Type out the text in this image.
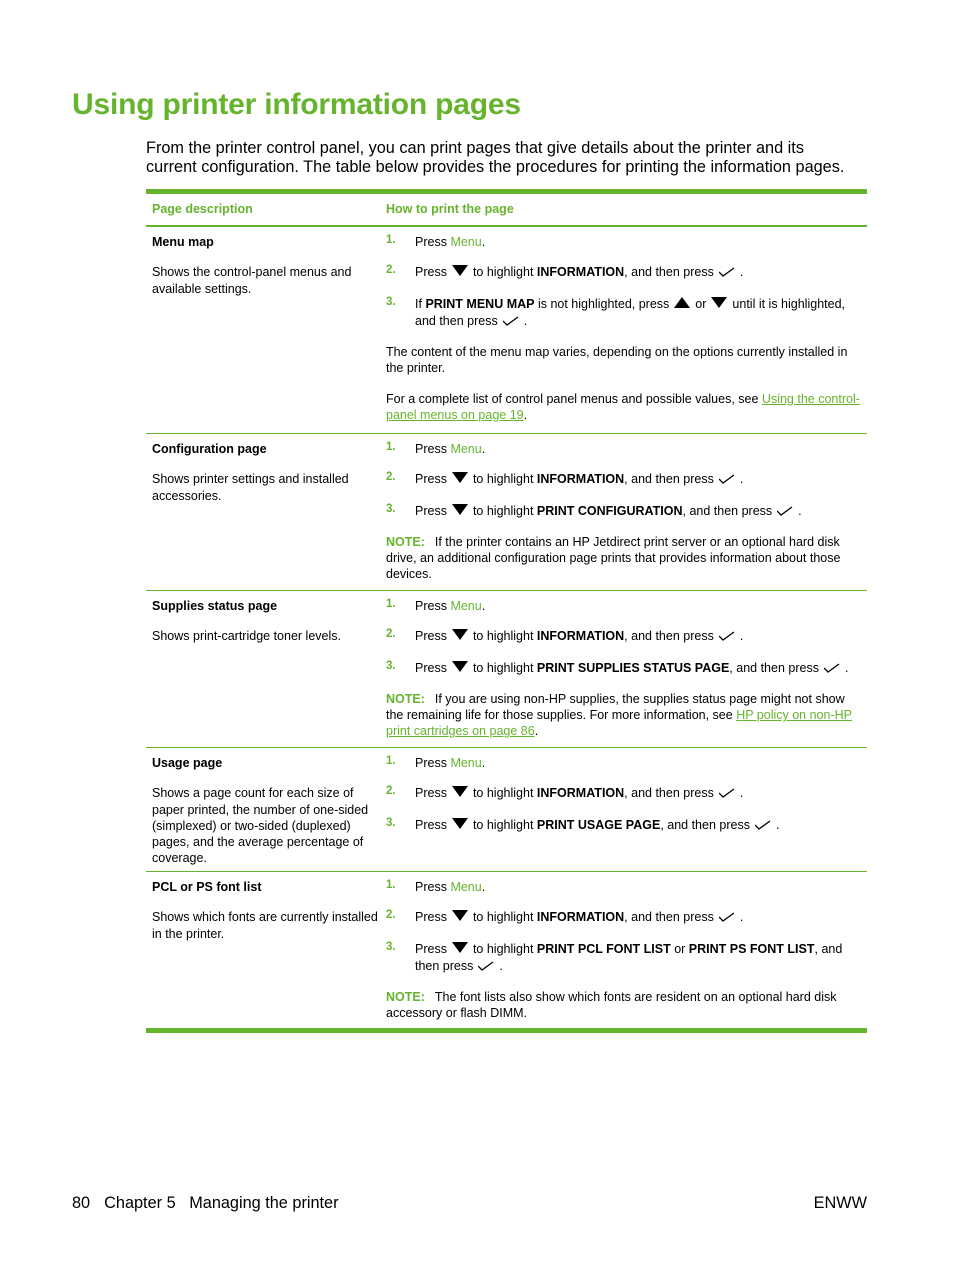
Using printer information pages

From the printer control panel, you can print pages that give details about the printer and its current configuration. The table below provides the procedures for printing the information pages.

Page description	How to print the page
Menu map
Shows the control-panel menus and available settings.
1. Press Menu.
2. Press to highlight INFORMATION, and then press .
3. If PRINT MENU MAP is not highlighted, press or until it is highlighted, and then press .
The content of the menu map varies, depending on the options currently installed in the printer.
For a complete list of control panel menus and possible values, see Using the control-panel menus on page 19.
Configuration page
Shows printer settings and installed accessories.
1. Press Menu.
2. Press to highlight INFORMATION, and then press .
3. Press to highlight PRINT CONFIGURATION, and then press .
NOTE: If the printer contains an HP Jetdirect print server or an optional hard disk drive, an additional configuration page prints that provides information about those devices.
Supplies status page
Shows print-cartridge toner levels.
1. Press Menu.
2. Press to highlight INFORMATION, and then press .
3. Press to highlight PRINT SUPPLIES STATUS PAGE, and then press .
NOTE: If you are using non-HP supplies, the supplies status page might not show the remaining life for those supplies. For more information, see HP policy on non-HP print cartridges on page 86.
Usage page
Shows a page count for each size of paper printed, the number of one-sided (simplexed) or two-sided (duplexed) pages, and the average percentage of coverage.
1. Press Menu.
2. Press to highlight INFORMATION, and then press .
3. Press to highlight PRINT USAGE PAGE, and then press .
PCL or PS font list
Shows which fonts are currently installed in the printer.
1. Press Menu.
2. Press to highlight INFORMATION, and then press .
3. Press to highlight PRINT PCL FONT LIST or PRINT PS FONT LIST, and then press .
NOTE: The font lists also show which fonts are resident on an optional hard disk accessory or flash DIMM.
80 Chapter 5   Managing the printer	ENWW
